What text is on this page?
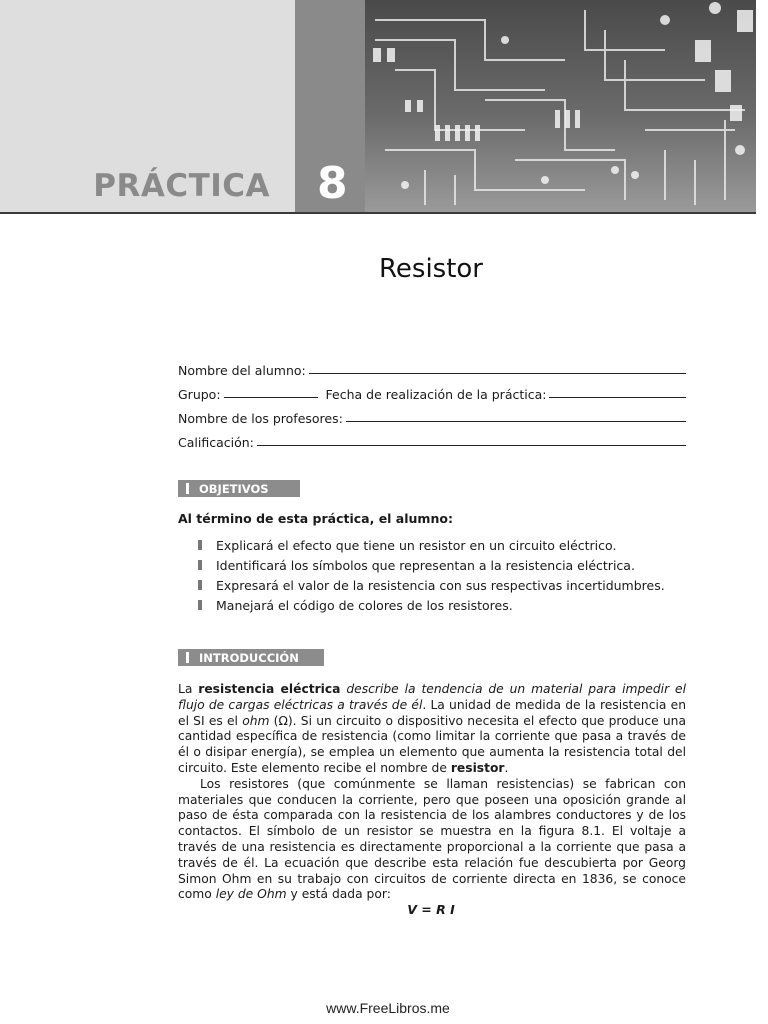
PRÁCTICA 8
Resistor
Nombre del alumno:
Grupo:	Fecha de realización de la práctica:
Nombre de los profesores:
Calificación:
OBJETIVOS
Al término de esta práctica, el alumno:
Explicará el efecto que tiene un resistor en un circuito eléctrico.
Identificará los símbolos que representan a la resistencia eléctrica.
Expresará el valor de la resistencia con sus respectivas incertidumbres.
Manejará el código de colores de los resistores.
INTRODUCCIÓN

La resistencia eléctrica describe la tendencia de un material para impedir el flujo de cargas eléctricas a través de él. La unidad de medida de la resistencia en el SI es el ohm (Ω). Si un circuito o dispositivo necesita el efecto que produce una cantidad específica de resistencia (como limitar la corriente que pasa a través de él o disipar energía), se emplea un elemento que aumenta la resistencia total del circuito. Este elemento recibe el nombre de resistor.

Los resistores (que comúnmente se llaman resistencias) se fabrican con materiales que conducen la corriente, pero que poseen una oposición grande al paso de ésta comparada con la resistencia de los alambres conductores y de los contactos. El símbolo de un resistor se muestra en la figura 8.1. El voltaje a través de una resistencia es directamente proporcional a la corriente que pasa a través de él. La ecuación que describe esta relación fue descubierta por Georg Simon Ohm en su trabajo con circuitos de corriente directa en 1836, se conoce como ley de Ohm y está dada por:

V = R I
www.FreeLibros.me
